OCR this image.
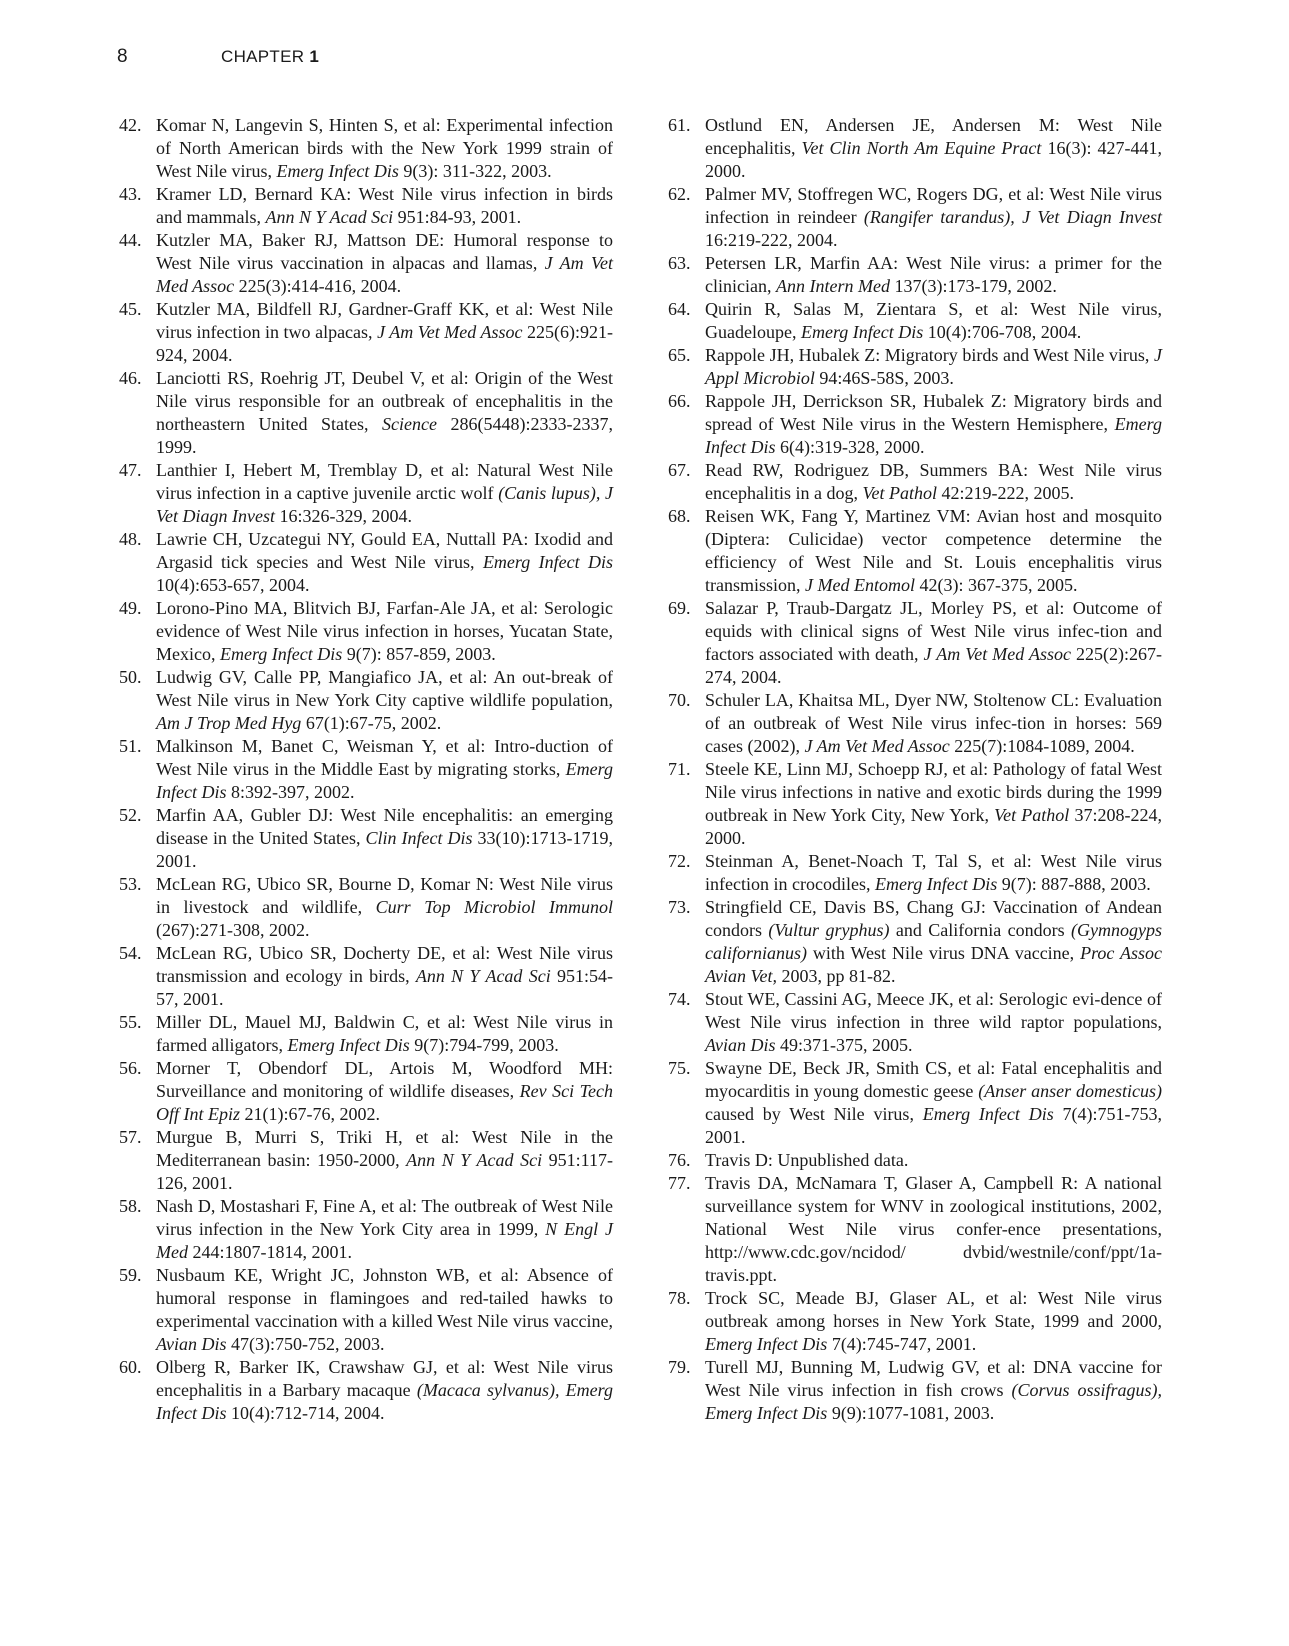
8	CHAPTER 1
42. Komar N, Langevin S, Hinten S, et al: Experimental infection of North American birds with the New York 1999 strain of West Nile virus, Emerg Infect Dis 9(3): 311-322, 2003.
43. Kramer LD, Bernard KA: West Nile virus infection in birds and mammals, Ann N Y Acad Sci 951:84-93, 2001.
44. Kutzler MA, Baker RJ, Mattson DE: Humoral response to West Nile virus vaccination in alpacas and llamas, J Am Vet Med Assoc 225(3):414-416, 2004.
45. Kutzler MA, Bildfell RJ, Gardner-Graff KK, et al: West Nile virus infection in two alpacas, J Am Vet Med Assoc 225(6):921-924, 2004.
46. Lanciotti RS, Roehrig JT, Deubel V, et al: Origin of the West Nile virus responsible for an outbreak of encephalitis in the northeastern United States, Science 286(5448):2333-2337, 1999.
47. Lanthier I, Hebert M, Tremblay D, et al: Natural West Nile virus infection in a captive juvenile arctic wolf (Canis lupus), J Vet Diagn Invest 16:326-329, 2004.
48. Lawrie CH, Uzcategui NY, Gould EA, Nuttall PA: Ixodid and Argasid tick species and West Nile virus, Emerg Infect Dis 10(4):653-657, 2004.
49. Lorono-Pino MA, Blitvich BJ, Farfan-Ale JA, et al: Serologic evidence of West Nile virus infection in horses, Yucatan State, Mexico, Emerg Infect Dis 9(7): 857-859, 2003.
50. Ludwig GV, Calle PP, Mangiafico JA, et al: An out-break of West Nile virus in New York City captive wildlife population, Am J Trop Med Hyg 67(1):67-75, 2002.
51. Malkinson M, Banet C, Weisman Y, et al: Intro-duction of West Nile virus in the Middle East by migrating storks, Emerg Infect Dis 8:392-397, 2002.
52. Marfin AA, Gubler DJ: West Nile encephalitis: an emerging disease in the United States, Clin Infect Dis 33(10):1713-1719, 2001.
53. McLean RG, Ubico SR, Bourne D, Komar N: West Nile virus in livestock and wildlife, Curr Top Microbiol Immunol (267):271-308, 2002.
54. McLean RG, Ubico SR, Docherty DE, et al: West Nile virus transmission and ecology in birds, Ann N Y Acad Sci 951:54-57, 2001.
55. Miller DL, Mauel MJ, Baldwin C, et al: West Nile virus in farmed alligators, Emerg Infect Dis 9(7):794-799, 2003.
56. Morner T, Obendorf DL, Artois M, Woodford MH: Surveillance and monitoring of wildlife diseases, Rev Sci Tech Off Int Epiz 21(1):67-76, 2002.
57. Murgue B, Murri S, Triki H, et al: West Nile in the Mediterranean basin: 1950-2000, Ann N Y Acad Sci 951:117-126, 2001.
58. Nash D, Mostashari F, Fine A, et al: The outbreak of West Nile virus infection in the New York City area in 1999, N Engl J Med 244:1807-1814, 2001.
59. Nusbaum KE, Wright JC, Johnston WB, et al: Absence of humoral response in flamingoes and red-tailed hawks to experimental vaccination with a killed West Nile virus vaccine, Avian Dis 47(3):750-752, 2003.
60. Olberg R, Barker IK, Crawshaw GJ, et al: West Nile virus encephalitis in a Barbary macaque (Macaca sylvanus), Emerg Infect Dis 10(4):712-714, 2004.
61. Ostlund EN, Andersen JE, Andersen M: West Nile encephalitis, Vet Clin North Am Equine Pract 16(3): 427-441, 2000.
62. Palmer MV, Stoffregen WC, Rogers DG, et al: West Nile virus infection in reindeer (Rangifer tarandus), J Vet Diagn Invest 16:219-222, 2004.
63. Petersen LR, Marfin AA: West Nile virus: a primer for the clinician, Ann Intern Med 137(3):173-179, 2002.
64. Quirin R, Salas M, Zientara S, et al: West Nile virus, Guadeloupe, Emerg Infect Dis 10(4):706-708, 2004.
65. Rappole JH, Hubalek Z: Migratory birds and West Nile virus, J Appl Microbiol 94:46S-58S, 2003.
66. Rappole JH, Derrickson SR, Hubalek Z: Migratory birds and spread of West Nile virus in the Western Hemisphere, Emerg Infect Dis 6(4):319-328, 2000.
67. Read RW, Rodriguez DB, Summers BA: West Nile virus encephalitis in a dog, Vet Pathol 42:219-222, 2005.
68. Reisen WK, Fang Y, Martinez VM: Avian host and mosquito (Diptera: Culicidae) vector competence determine the efficiency of West Nile and St. Louis encephalitis virus transmission, J Med Entomol 42(3): 367-375, 2005.
69. Salazar P, Traub-Dargatz JL, Morley PS, et al: Outcome of equids with clinical signs of West Nile virus infec-tion and factors associated with death, J Am Vet Med Assoc 225(2):267-274, 2004.
70. Schuler LA, Khaitsa ML, Dyer NW, Stoltenow CL: Evaluation of an outbreak of West Nile virus infec-tion in horses: 569 cases (2002), J Am Vet Med Assoc 225(7):1084-1089, 2004.
71. Steele KE, Linn MJ, Schoepp RJ, et al: Pathology of fatal West Nile virus infections in native and exotic birds during the 1999 outbreak in New York City, New York, Vet Pathol 37:208-224, 2000.
72. Steinman A, Benet-Noach T, Tal S, et al: West Nile virus infection in crocodiles, Emerg Infect Dis 9(7): 887-888, 2003.
73. Stringfield CE, Davis BS, Chang GJ: Vaccination of Andean condors (Vultur gryphus) and California condors (Gymnogyps californianus) with West Nile virus DNA vaccine, Proc Assoc Avian Vet, 2003, pp 81-82.
74. Stout WE, Cassini AG, Meece JK, et al: Serologic evi-dence of West Nile virus infection in three wild raptor populations, Avian Dis 49:371-375, 2005.
75. Swayne DE, Beck JR, Smith CS, et al: Fatal encephalitis and myocarditis in young domestic geese (Anser anser domesticus) caused by West Nile virus, Emerg Infect Dis 7(4):751-753, 2001.
76. Travis D: Unpublished data.
77. Travis DA, McNamara T, Glaser A, Campbell R: A national surveillance system for WNV in zoological institutions, 2002, National West Nile virus confer-ence presentations, http://www.cdc.gov/ncidod/ dvbid/westnile/conf/ppt/1a-travis.ppt.
78. Trock SC, Meade BJ, Glaser AL, et al: West Nile virus outbreak among horses in New York State, 1999 and 2000, Emerg Infect Dis 7(4):745-747, 2001.
79. Turell MJ, Bunning M, Ludwig GV, et al: DNA vaccine for West Nile virus infection in fish crows (Corvus ossifragus), Emerg Infect Dis 9(9):1077-1081, 2003.
